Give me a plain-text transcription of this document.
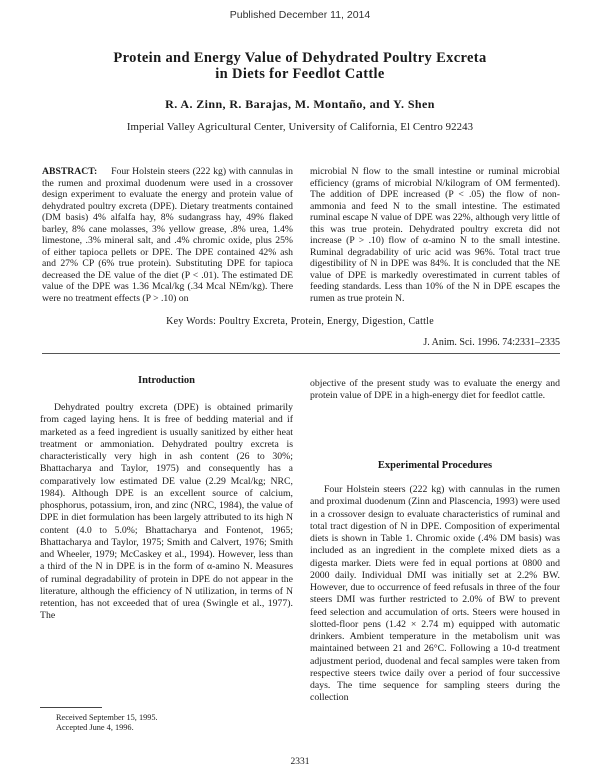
Published December 11, 2014
Protein and Energy Value of Dehydrated Poultry Excreta
in Diets for Feedlot Cattle
R. A. Zinn, R. Barajas, M. Montaño, and Y. Shen
Imperial Valley Agricultural Center, University of California, El Centro 92243
ABSTRACT: Four Holstein steers (222 kg) with cannulas in the rumen and proximal duodenum were used in a crossover design experiment to evaluate the energy and protein value of dehydrated poultry excreta (DPE). Dietary treatments contained (DM basis) 4% alfalfa hay, 8% sudangrass hay, 49% flaked barley, 8% cane molasses, 3% yellow grease, .8% urea, 1.4% limestone, .3% mineral salt, and .4% chromic oxide, plus 25% of either tapioca pellets or DPE. The DPE contained 42% ash and 27% CP (6% true protein). Substituting DPE for tapioca decreased the DE value of the diet (P < .01). The estimated DE value of the DPE was 1.36 Mcal/kg (.34 Mcal NEm/kg). There were no treatment effects (P > .10) on
microbial N flow to the small intestine or ruminal microbial efficiency (grams of microbial N/kilogram of OM fermented). The addition of DPE increased (P < .05) the flow of non-ammonia and feed N to the small intestine. The estimated ruminal escape N value of DPE was 22%, although very little of this was true protein. Dehydrated poultry excreta did not increase (P > .10) flow of α-amino N to the small intestine. Ruminal degradability of uric acid was 96%. Total tract true digestibility of N in DPE was 84%. It is concluded that the NE value of DPE is markedly overestimated in current tables of feeding standards. Less than 10% of the N in DPE escapes the rumen as true protein N.
Key Words: Poultry Excreta, Protein, Energy, Digestion, Cattle
J. Anim. Sci. 1996. 74:2331–2335
Introduction

Dehydrated poultry excreta (DPE) is obtained primarily from caged laying hens. It is free of bedding material and if marketed as a feed ingredient is usually sanitized by either heat treatment or ammoniation. Dehydrated poultry excreta is characteristically very high in ash content (26 to 30%; Bhattacharya and Taylor, 1975) and consequently has a comparatively low estimated DE value (2.29 Mcal/kg; NRC, 1984). Although DPE is an excellent source of calcium, phosphorus, potassium, iron, and zinc (NRC, 1984), the value of DPE in diet formulation has been largely attributed to its high N content (4.0 to 5.0%; Bhattacharya and Fontenot, 1965; Bhattacharya and Taylor, 1975; Smith and Calvert, 1976; Smith and Wheeler, 1979; McCaskey et al., 1994). However, less than a third of the N in DPE is in the form of α-amino N. Measures of ruminal degradability of protein in DPE do not appear in the literature, although the efficiency of N utilization, in terms of N retention, has not exceeded that of urea (Swingle et al., 1977). The

objective of the present study was to evaluate the energy and protein value of DPE in a high-energy diet for feedlot cattle.

Experimental Procedures

Four Holstein steers (222 kg) with cannulas in the rumen and proximal duodenum (Zinn and Plascencia, 1993) were used in a crossover design to evaluate characteristics of ruminal and total tract digestion of N in DPE. Composition of experimental diets is shown in Table 1. Chromic oxide (.4% DM basis) was included as an ingredient in the complete mixed diets as a digesta marker. Diets were fed in equal portions at 0800 and 2000 daily. Individual DMI was initially set at 2.2% BW. However, due to occurrence of feed refusals in three of the four steers DMI was further restricted to 2.0% of BW to prevent feed selection and accumulation of orts. Steers were housed in slotted-floor pens (1.42 × 2.74 m) equipped with automatic drinkers. Ambient temperature in the metabolism unit was maintained between 21 and 26°C. Following a 10-d treatment adjustment period, duodenal and fecal samples were taken from respective steers twice daily over a period of four successive days. The time sequence for sampling steers during the collection

Received September 15, 1995.
Accepted June 4, 1996.
2331
